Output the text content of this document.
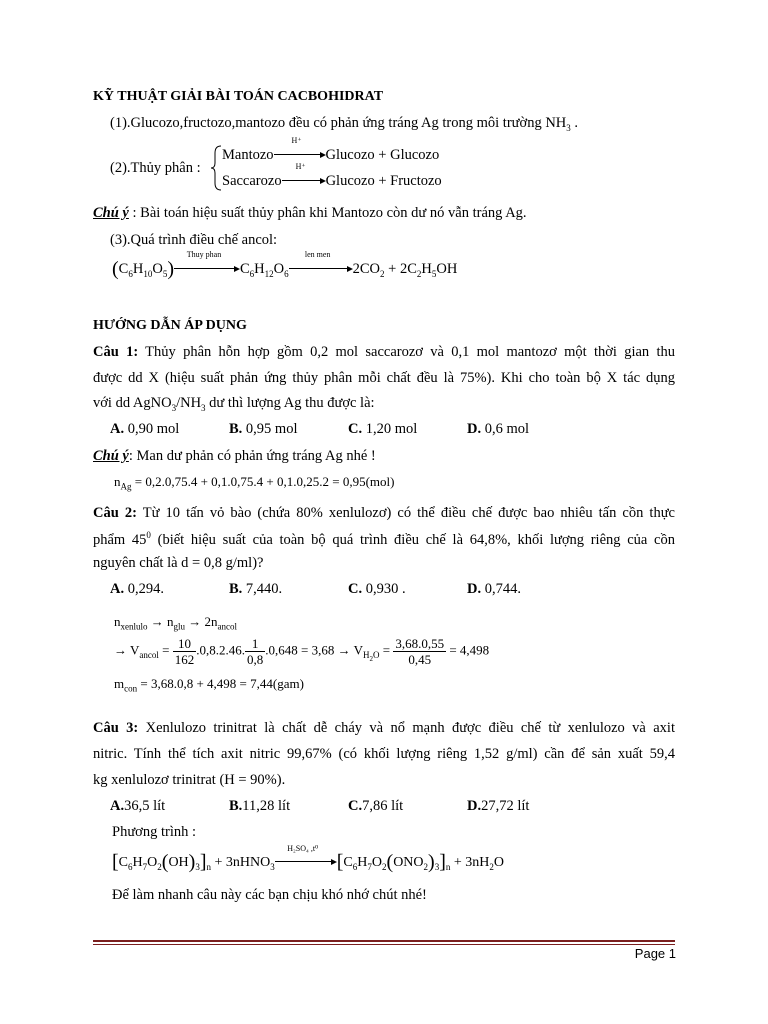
KỸ THUẬT GIẢI BÀI TOÁN CACBOHIDRAT
(1).Glucozo,fructozo,mantozo đều có phản ứng tráng Ag trong môi trường $NH_3$ .
(2).Thủy phân :
Mantozo
H⁺
Glucozo + Glucozo
Saccarozo
H⁺
Glucozo + Fructozo
Chú ý : Bài toán hiệu suất thủy phân khi Mantozo còn dư nó vẫn tráng Ag.
(3).Quá trình điều chế ancol:
$(C_6H_{10}O_5)$
Thuy phan
$C_6H_{12}O_6$
len men
$2CO_2 + 2C_2H_5OH$
HƯỚNG DẪN ÁP DỤNG
Câu 1: Thủy phân hỗn hợp gồm 0,2 mol saccarozơ và 0,1 mol mantozơ một thời gian thu
được dd X (hiệu suất phản ứng thủy phân mỗi chất đều là 75%). Khi cho toàn bộ X tác dụng
với dd $AgNO_3/NH_3$ dư thì lượng Ag thu được là:
A. 0,90 mol	B. 0,95 mol	C. 1,20 mol	D. 0,6 mol
Chú ý: Man dư phản có phản ứng tráng Ag nhé !
$n_{Ag} = 0,2.0,75.4 + 0,1.0,75.4 + 0,1.0,25.2 = 0,95(mol)$
Câu 2: Từ 10 tấn vỏ bào (chứa 80% xenlulozơ) có thể điều chế được bao nhiêu tấn cồn thực
phẩm $45^0$ (biết hiệu suất của toàn bộ quá trình điều chế là 64,8%, khối lượng riêng của cồn
nguyên chất là d = 0,8 g/ml)?
A. 0,294.	B. 7,440.	C. 0,930 .	D. 0,744.
$n_{xenlulo} \to n_{glu} \to 2n_{ancol}$
→ $V_{ancol} = \frac{10}{162} .0,8.2.46$. $\frac{1}{0,8} .0,648 = 3,68 \to V_{H_2O} = \frac{3,68.0,55}{0,45} = 4,498$
$m_{con} = 3,68.0,8 + 4,498 = 7,44(gam)$
Câu 3: Xenlulozo trinitrat là chất dễ cháy và nổ mạnh được điều chế từ xenlulozo và axit
nitric. Tính thể tích axit nitric 99,67% (có khối lượng riêng 1,52 g/ml) cần để sản xuất 59,4
kg xenlulozơ trinitrat (H = 90%).
A.36,5 lít	B.11,28 lít	C.7,86 lít	D.27,72 lít
Phương trình :
$[C_6H_7O_2(OH)_3]_n$ + 3nHNO$_3$
H₂SO₄ ,t⁰
$[C_6H_7O_2(ONO_2)_3]_n + 3nH_2O$
Để làm nhanh câu này các bạn chịu khó nhớ chút nhé!
Page 1
